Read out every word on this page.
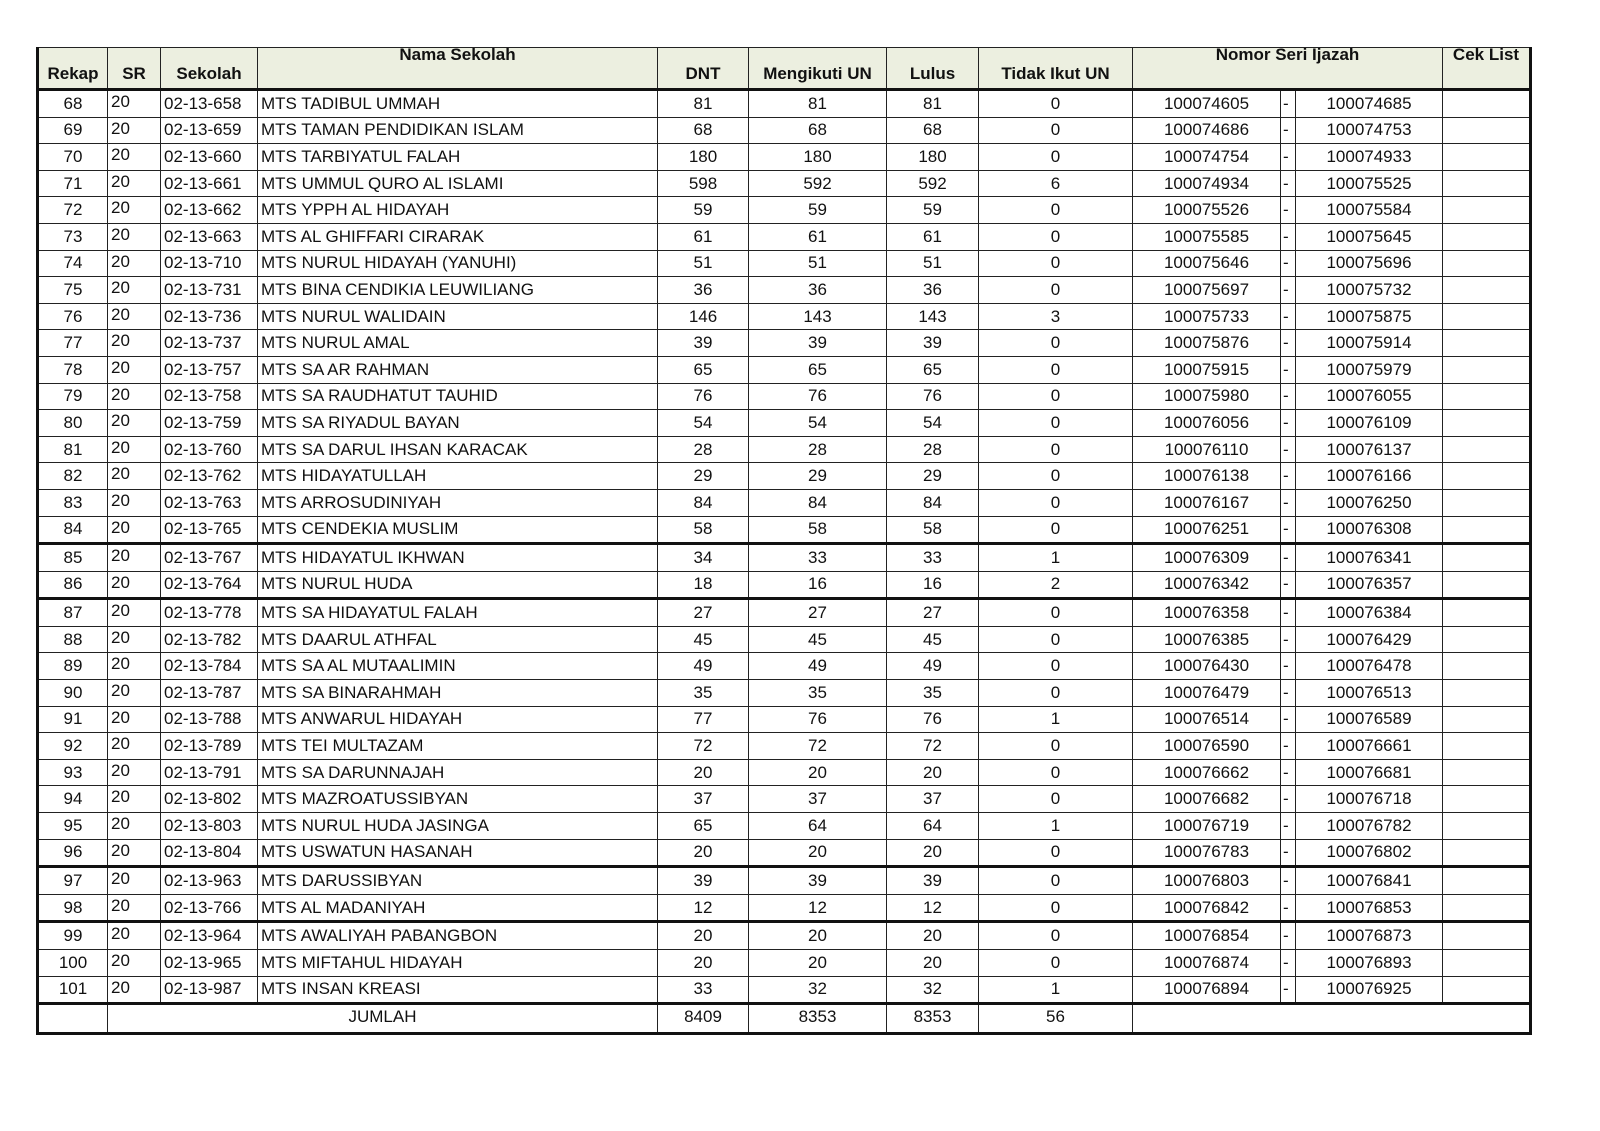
Rekap	SR	Sekolah	Nama Sekolah	DNT	Mengikuti UN	Lulus	Tidak Ikut UN	Nomor Seri Ijazah			Cek List
68	20	02-13-658	MTS TADIBUL UMMAH	81	81	81	0	100074605	-	100074685	
69	20	02-13-659	MTS TAMAN PENDIDIKAN ISLAM	68	68	68	0	100074686	-	100074753	
70	20	02-13-660	MTS TARBIYATUL FALAH	180	180	180	0	100074754	-	100074933	
71	20	02-13-661	MTS UMMUL QURO AL ISLAMI	598	592	592	6	100074934	-	100075525	
72	20	02-13-662	MTS YPPH AL HIDAYAH	59	59	59	0	100075526	-	100075584	
73	20	02-13-663	MTS AL GHIFFARI CIRARAK	61	61	61	0	100075585	-	100075645	
74	20	02-13-710	MTS NURUL HIDAYAH (YANUHI)	51	51	51	0	100075646	-	100075696	
75	20	02-13-731	MTS BINA CENDIKIA LEUWILIANG	36	36	36	0	100075697	-	100075732	
76	20	02-13-736	MTS NURUL WALIDAIN	146	143	143	3	100075733	-	100075875	
77	20	02-13-737	MTS NURUL AMAL	39	39	39	0	100075876	-	100075914	
78	20	02-13-757	MTS SA AR RAHMAN	65	65	65	0	100075915	-	100075979	
79	20	02-13-758	MTS SA RAUDHATUT TAUHID	76	76	76	0	100075980	-	100076055	
80	20	02-13-759	MTS SA RIYADUL BAYAN	54	54	54	0	100076056	-	100076109	
81	20	02-13-760	MTS SA DARUL IHSAN KARACAK	28	28	28	0	100076110	-	100076137	
82	20	02-13-762	MTS HIDAYATULLAH	29	29	29	0	100076138	-	100076166	
83	20	02-13-763	MTS ARROSUDINIYAH	84	84	84	0	100076167	-	100076250	
84	20	02-13-765	MTS CENDEKIA MUSLIM	58	58	58	0	100076251	-	100076308	
85	20	02-13-767	MTS HIDAYATUL IKHWAN	34	33	33	1	100076309	-	100076341	
86	20	02-13-764	MTS NURUL HUDA	18	16	16	2	100076342	-	100076357	
87	20	02-13-778	MTS SA HIDAYATUL FALAH	27	27	27	0	100076358	-	100076384	
88	20	02-13-782	MTS DAARUL ATHFAL	45	45	45	0	100076385	-	100076429	
89	20	02-13-784	MTS SA AL MUTAALIMIN	49	49	49	0	100076430	-	100076478	
90	20	02-13-787	MTS SA BINARAHMAH	35	35	35	0	100076479	-	100076513	
91	20	02-13-788	MTS ANWARUL HIDAYAH	77	76	76	1	100076514	-	100076589	
92	20	02-13-789	MTS TEI MULTAZAM	72	72	72	0	100076590	-	100076661	
93	20	02-13-791	MTS SA DARUNNAJAH	20	20	20	0	100076662	-	100076681	
94	20	02-13-802	MTS MAZROATUSSIBYAN	37	37	37	0	100076682	-	100076718	
95	20	02-13-803	MTS NURUL HUDA JASINGA	65	64	64	1	100076719	-	100076782	
96	20	02-13-804	MTS USWATUN HASANAH	20	20	20	0	100076783	-	100076802	
97	20	02-13-963	MTS DARUSSIBYAN	39	39	39	0	100076803	-	100076841	
98	20	02-13-766	MTS AL MADANIYAH	12	12	12	0	100076842	-	100076853	
99	20	02-13-964	MTS AWALIYAH PABANGBON	20	20	20	0	100076854	-	100076873	
100	20	02-13-965	MTS MIFTAHUL HIDAYAH	20	20	20	0	100076874	-	100076893	
101	20	02-13-987	MTS INSAN KREASI	33	32	32	1	100076894	-	100076925	
	JUMLAH			8409	8353	8353	56				
